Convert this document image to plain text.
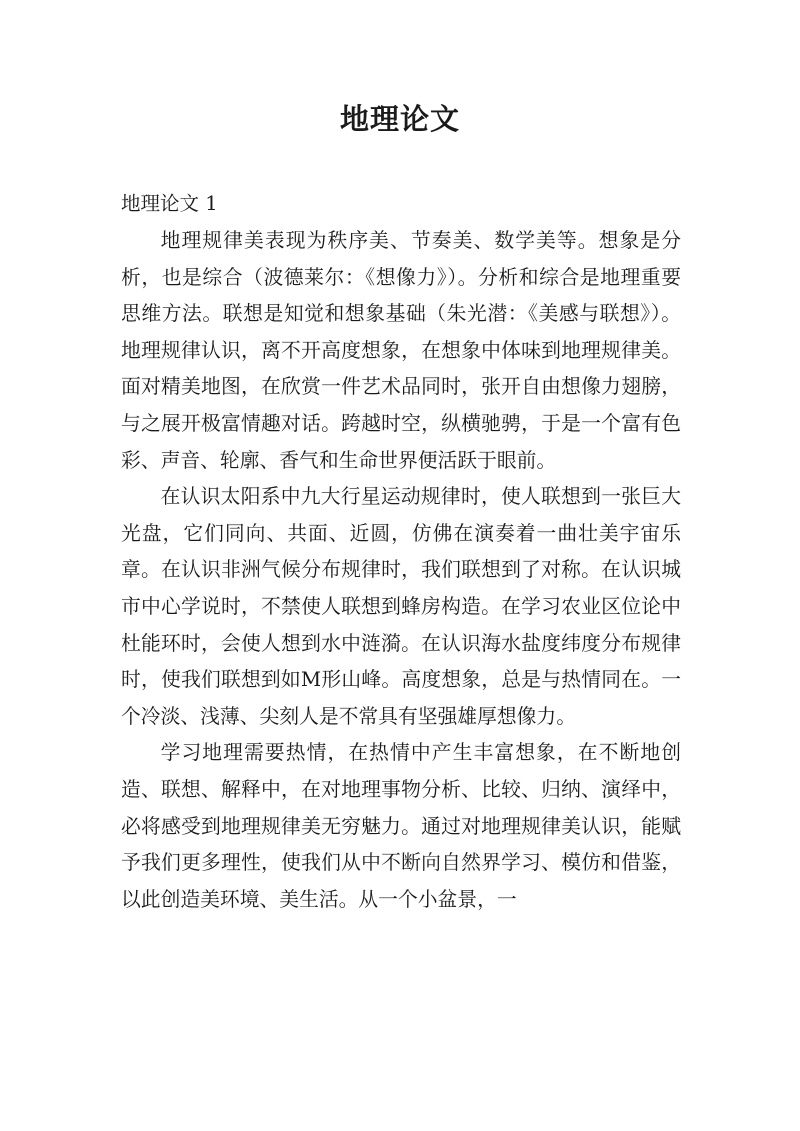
地理论文

地理论文 1

地理规律美表现为秩序美、节奏美、数学美等。想象是分析，也是综合（波德莱尔：《想像力》）。分析和综合是地理重要思维方法。联想是知觉和想象基础（朱光潜：《美感与联想》）。地理规律认识，离不开高度想象，在想象中体味到地理规律美。面对精美地图，在欣赏一件艺术品同时，张开自由想像力翅膀，与之展开极富情趣对话。跨越时空，纵横驰骋，于是一个富有色彩、声音、轮廓、香气和生命世界便活跃于眼前。

在认识太阳系中九大行星运动规律时，使人联想到一张巨大光盘，它们同向、共面、近圆，仿佛在演奏着一曲壮美宇宙乐章。在认识非洲气候分布规律时，我们联想到了对称。在认识城市中心学说时，不禁使人联想到蜂房构造。在学习农业区位论中杜能环时，会使人想到水中涟漪。在认识海水盐度纬度分布规律时，使我们联想到如M形山峰。高度想象，总是与热情同在。一个冷淡、浅薄、尖刻人是不常具有坚强雄厚想像力。

学习地理需要热情，在热情中产生丰富想象，在不断地创造、联想、解释中，在对地理事物分析、比较、归纳、演绎中，必将感受到地理规律美无穷魅力。通过对地理规律美认识，能赋予我们更多理性，使我们从中不断向自然界学习、模仿和借鉴，以此创造美环境、美生活。从一个小盆景，一
